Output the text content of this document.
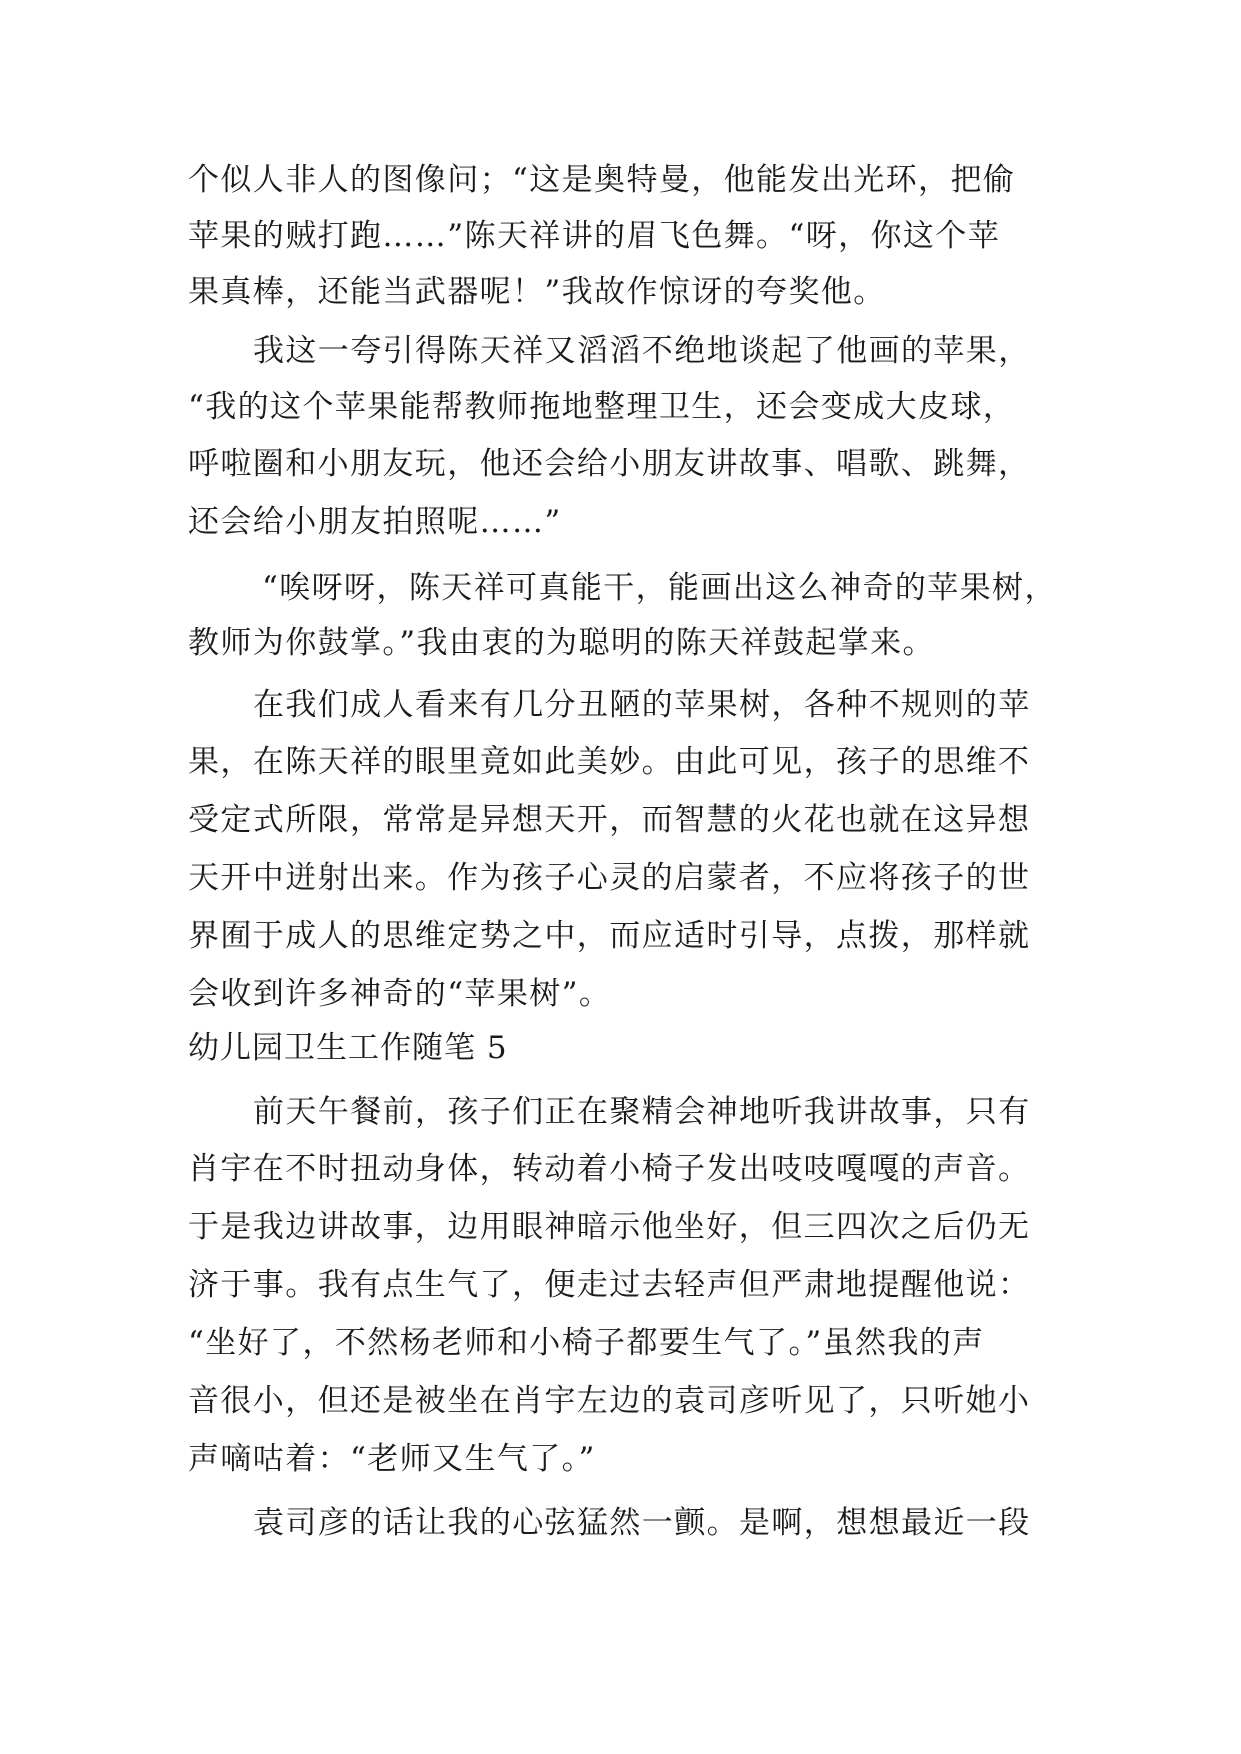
个似人非人的图像问；“这是奥特曼，他能发出光环，把偷
苹果的贼打跑……”陈天祥讲的眉飞色舞。“呀，你这个苹
果真棒，还能当武器呢！”我故作惊讶的夸奖他。
我这一夸引得陈天祥又滔滔不绝地谈起了他画的苹果，
“我的这个苹果能帮教师拖地整理卫生，还会变成大皮球，
呼啦圈和小朋友玩，他还会给小朋友讲故事、唱歌、跳舞，
还会给小朋友拍照呢……”
“唉呀呀，陈天祥可真能干，能画出这么神奇的苹果树，
教师为你鼓掌。”我由衷的为聪明的陈天祥鼓起掌来。
在我们成人看来有几分丑陋的苹果树，各种不规则的苹
果，在陈天祥的眼里竟如此美妙。由此可见，孩子的思维不
受定式所限，常常是异想天开，而智慧的火花也就在这异想
天开中迸射出来。作为孩子心灵的启蒙者，不应将孩子的世
界囿于成人的思维定势之中，而应适时引导，点拨，那样就
会收到许多神奇的“苹果树”。
幼儿园卫生工作随笔 5
前天午餐前，孩子们正在聚精会神地听我讲故事，只有
肖宇在不时扭动身体，转动着小椅子发出吱吱嘎嘎的声音。
于是我边讲故事，边用眼神暗示他坐好，但三四次之后仍无
济于事。我有点生气了，便走过去轻声但严肃地提醒他说：
“坐好了，不然杨老师和小椅子都要生气了。”虽然我的声
音很小，但还是被坐在肖宇左边的袁司彦听见了，只听她小
声嘀咕着：“老师又生气了。”
袁司彦的话让我的心弦猛然一颤。是啊，想想最近一段
